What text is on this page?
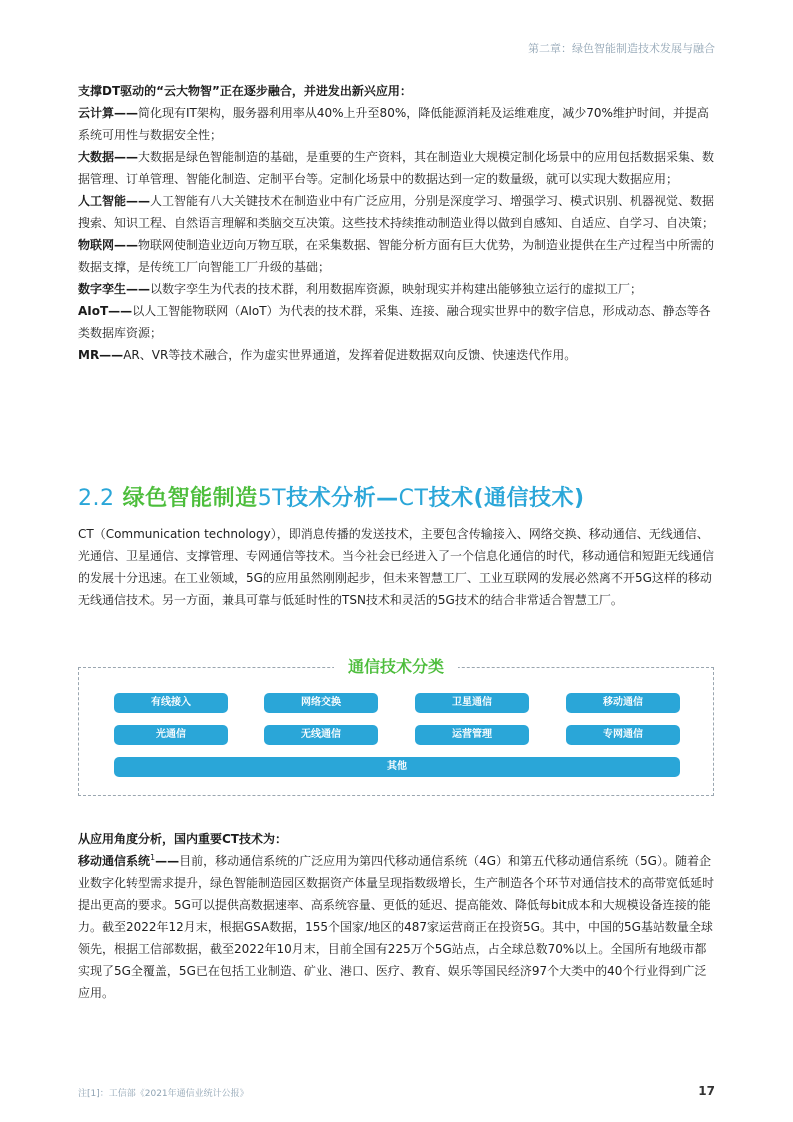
第二章：绿色智能制造技术发展与融合

支撑DT驱动的“云大物智”正在逐步融合，并进发出新兴应用：

云计算——简化现有IT架构，服务器利用率从40%上升至80%，降低能源消耗及运维难度，减少70%维护时间，并提高系统可用性与数据安全性；

大数据——大数据是绿色智能制造的基础，是重要的生产资料，其在制造业大规模定制化场景中的应用包括数据采集、数据管理、订单管理、智能化制造、定制平台等。定制化场景中的数据达到一定的数量级，就可以实现大数据应用；

人工智能——人工智能有八大关键技术在制造业中有广泛应用，分别是深度学习、增强学习、模式识别、机器视觉、数据搜索、知识工程、自然语言理解和类脑交互决策。这些技术持续推动制造业得以做到自感知、自适应、自学习、自决策；

物联网——物联网使制造业迈向万物互联，在采集数据、智能分析方面有巨大优势，为制造业提供在生产过程当中所需的数据支撑，是传统工厂向智能工厂升级的基础；

数字孪生——以数字孪生为代表的技术群，利用数据库资源，映射现实并构建出能够独立运行的虚拟工厂；

AIoT——以人工智能物联网（AIoT）为代表的技术群，采集、连接、融合现实世界中的数字信息，形成动态、静态等各类数据库资源；

MR——AR、VR等技术融合，作为虚实世界通道，发挥着促进数据双向反馈、快速迭代作用。

2.2 绿色智能制造5T技术分析—CT技术(通信技术)

CT（Communication technology），即消息传播的发送技术，主要包含传输接入、网络交换、移动通信、无线通信、光通信、卫星通信、支撑管理、专网通信等技术。当今社会已经进入了一个信息化通信的时代，移动通信和短距无线通信的发展十分迅速。在工业领域，5G的应用虽然刚刚起步，但未来智慧工厂、工业互联网的发展必然离不开5G这样的移动无线通信技术。另一方面，兼具可靠与低延时性的TSN技术和灵活的5G技术的结合非常适合智慧工厂。

通信技术分类
有线接入	网络交换	卫星通信	移动通信
光通信	无线通信	运营管理	专网通信
其他

从应用角度分析，国内重要CT技术为：

移动通信系统$^1$——目前，移动通信系统的广泛应用为第四代移动通信系统（4G）和第五代移动通信系统（5G）。随着企业数字化转型需求提升，绿色智能制造园区数据资产体量呈现指数级增长，生产制造各个环节对通信技术的高带宽低延时提出更高的要求。5G可以提供高数据速率、高系统容量、更低的延迟、提高能效、降低每bit成本和大规模设备连接的能力。截至2022年12月末，根据GSA数据，155个国家/地区的487家运营商正在投资5G。其中，中国的5G基站数量全球领先，根据工信部数据，截至2022年10月末，目前全国有225万个5G站点，占全球总数70%以上。全国所有地级市都实现了5G全覆盖，5G已在包括工业制造、矿业、港口、医疗、教育、娱乐等国民经济97个大类中的40个行业得到广泛应用。

注[1]：工信部《2021年通信业统计公报》	17
